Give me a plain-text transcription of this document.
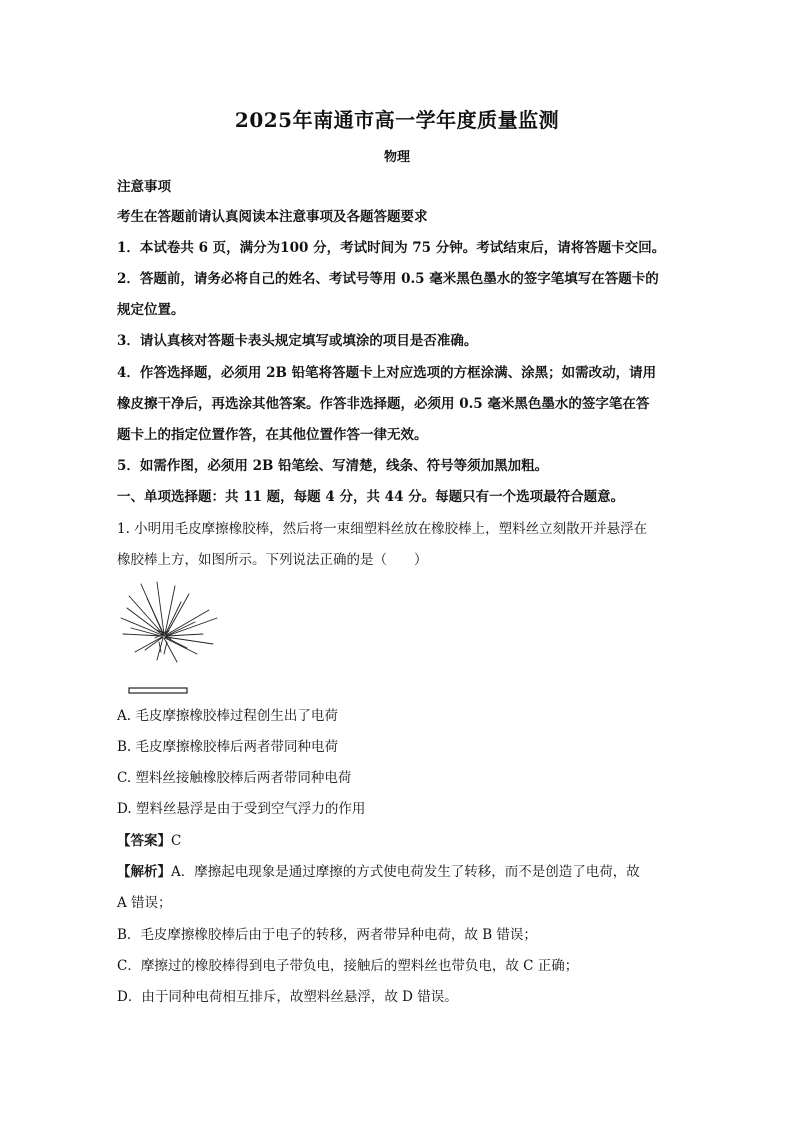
2025年南通市高一学年度质量监测
物理
注意事项
考生在答题前请认真阅读本注意事项及各题答题要求
1．本试卷共 6 页，满分为100 分，考试时间为 75 分钟。考试结束后，请将答题卡交回。
2．答题前，请务必将自己的姓名、考试号等用 0.5 毫米黑色墨水的签字笔填写在答题卡的
规定位置。
3．请认真核对答题卡表头规定填写或填涂的项目是否准确。
4．作答选择题，必须用 2B 铅笔将答题卡上对应选项的方框涂满、涂黑；如需改动，请用
橡皮擦干净后，再选涂其他答案。作答非选择题，必须用 0.5 毫米黑色墨水的签字笔在答
题卡上的指定位置作答，在其他位置作答一律无效。
5．如需作图，必须用 2B 铅笔绘、写清楚，线条、符号等须加黑加粗。
一、单项选择题：共 11 题，每题 4 分，共 44 分。每题只有一个选项最符合题意。
1. 小明用毛皮摩擦橡胶棒，然后将一束细塑料丝放在橡胶棒上，塑料丝立刻散开并悬浮在
橡胶棒上方，如图所示。下列说法正确的是（　　）
A. 毛皮摩擦橡胶棒过程创生出了电荷
B. 毛皮摩擦橡胶棒后两者带同种电荷
C. 塑料丝接触橡胶棒后两者带同种电荷
D. 塑料丝悬浮是由于受到空气浮力的作用
【答案】C
【解析】A．摩擦起电现象是通过摩擦的方式使电荷发生了转移，而不是创造了电荷，故
A 错误；
B．毛皮摩擦橡胶棒后由于电子的转移，两者带异种电荷，故 B 错误；
C．摩擦过的橡胶棒得到电子带负电，接触后的塑料丝也带负电，故 C 正确；
D．由于同种电荷相互排斥，故塑料丝悬浮，故 D 错误。
